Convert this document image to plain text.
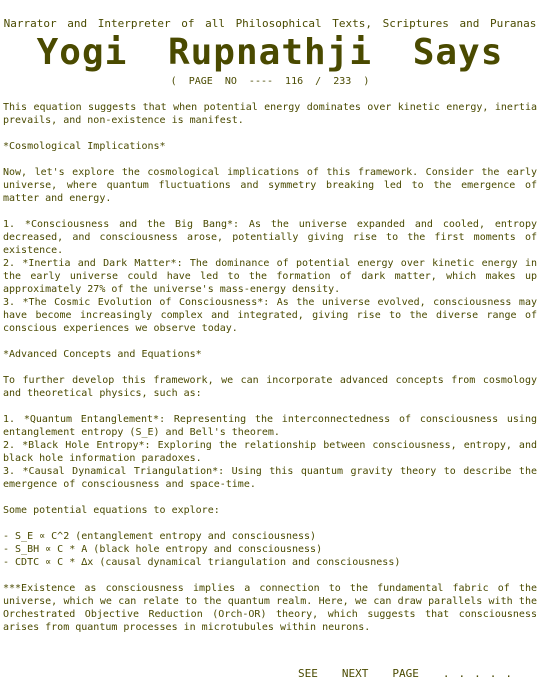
Narrator and Interpreter of all Philosophical Texts, Scriptures and Puranas
Yogi Rupnathji Says
(  PAGE  NO  ----  116  /  233  )

This equation suggests that when potential energy dominates over kinetic energy, inertia prevails, and non-existence is manifest.

*Cosmological Implications*

Now, let's explore the cosmological implications of this framework. Consider the early universe, where quantum fluctuations and symmetry breaking led to the emergence of matter and energy.

1. *Consciousness and the Big Bang*: As the universe expanded and cooled, entropy decreased, and consciousness arose, potentially giving rise to the first moments of existence.

2. *Inertia and Dark Matter*: The dominance of potential energy over kinetic energy in the early universe could have led to the formation of dark matter, which makes up approximately 27% of the universe's mass-energy density.

3. *The Cosmic Evolution of Consciousness*: As the universe evolved, consciousness may have become increasingly complex and integrated, giving rise to the diverse range of conscious experiences we observe today.

*Advanced Concepts and Equations*

To further develop this framework, we can incorporate advanced concepts from cosmology and theoretical physics, such as:

1. *Quantum Entanglement*: Representing the interconnectedness of consciousness using entanglement entropy (S_E) and Bell's theorem.

2. *Black Hole Entropy*: Exploring the relationship between consciousness, entropy, and black hole information paradoxes.

3. *Causal Dynamical Triangulation*: Using this quantum gravity theory to describe the emergence of consciousness and space-time.

Some potential equations to explore:

- S_E ∝ C^2 (entanglement entropy and consciousness)

- S_BH ∝ C * A (black hole entropy and consciousness)

- CDTC ∝ C * ∆x (causal dynamical triangulation and consciousness)

***Existence as consciousness implies a connection to the fundamental fabric of the universe, which we can relate to the quantum realm. Here, we can draw parallels with the Orchestrated Objective Reduction (Orch-OR) theory, which suggests that consciousness arises from quantum processes in microtubules within neurons.

SEE NEXT PAGE .....
